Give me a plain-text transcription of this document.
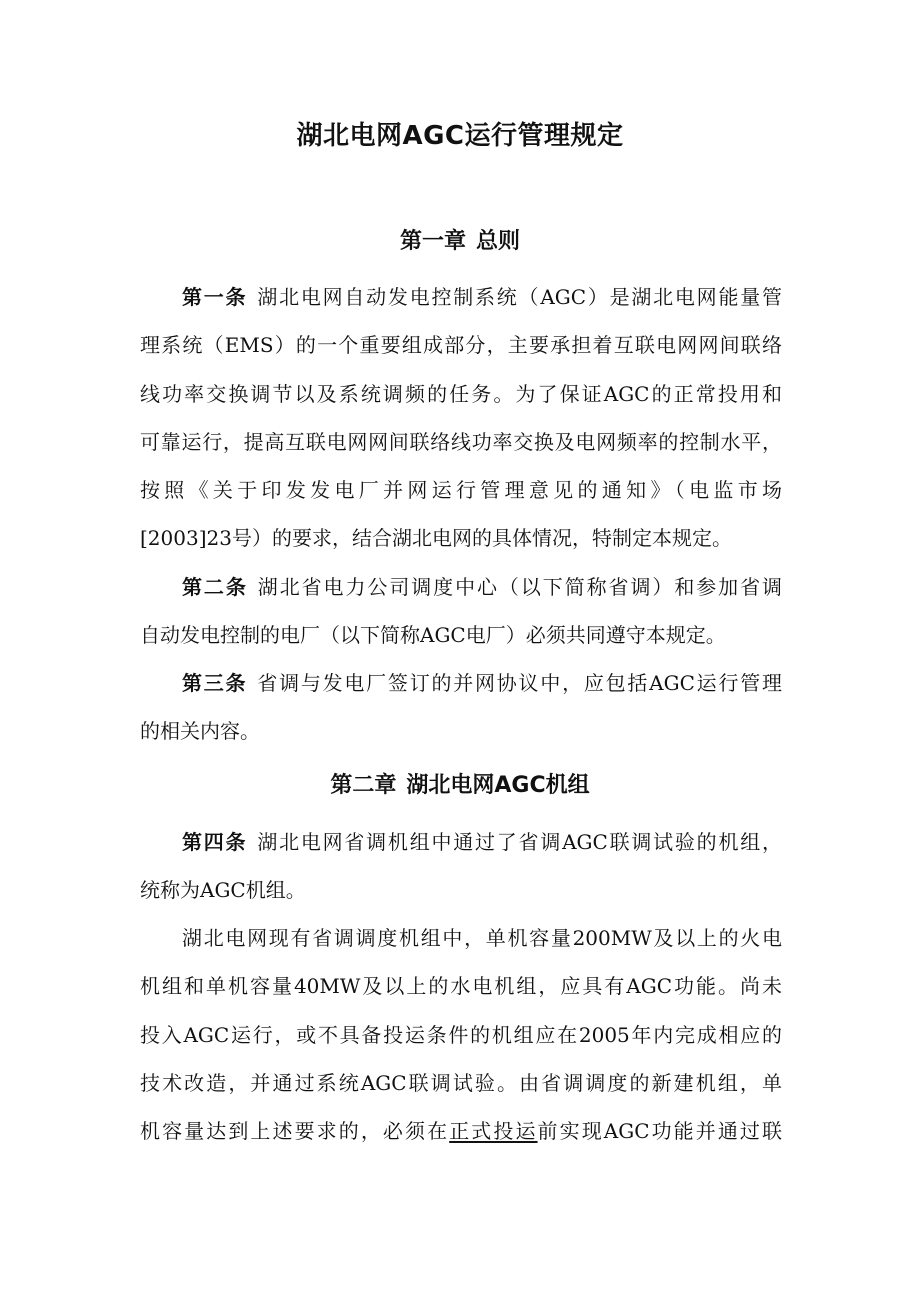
湖北电网AGC运行管理规定
第一章 总则
第一条 湖北电网自动发电控制系统（AGC）是湖北电网能量管
理系统（EMS）的一个重要组成部分，主要承担着互联电网网间联络
线功率交换调节以及系统调频的任务。为了保证AGC的正常投用和
可靠运行，提高互联电网网间联络线功率交换及电网频率的控制水平，
按照《关于印发发电厂并网运行管理意见的通知》（电监市场
[2003]23号）的要求，结合湖北电网的具体情况，特制定本规定。
第二条 湖北省电力公司调度中心（以下简称省调）和参加省调
自动发电控制的电厂（以下简称AGC电厂）必须共同遵守本规定。
第三条 省调与发电厂签订的并网协议中，应包括AGC运行管理
的相关内容。
第二章 湖北电网AGC机组
第四条 湖北电网省调机组中通过了省调AGC联调试验的机组，
统称为AGC机组。
湖北电网现有省调调度机组中，单机容量200MW及以上的火电
机组和单机容量40MW及以上的水电机组，应具有AGC功能。尚未
投入AGC运行，或不具备投运条件的机组应在2005年内完成相应的
技术改造，并通过系统AGC联调试验。由省调调度的新建机组，单
机容量达到上述要求的，必须在正式投运前实现AGC功能并通过联
